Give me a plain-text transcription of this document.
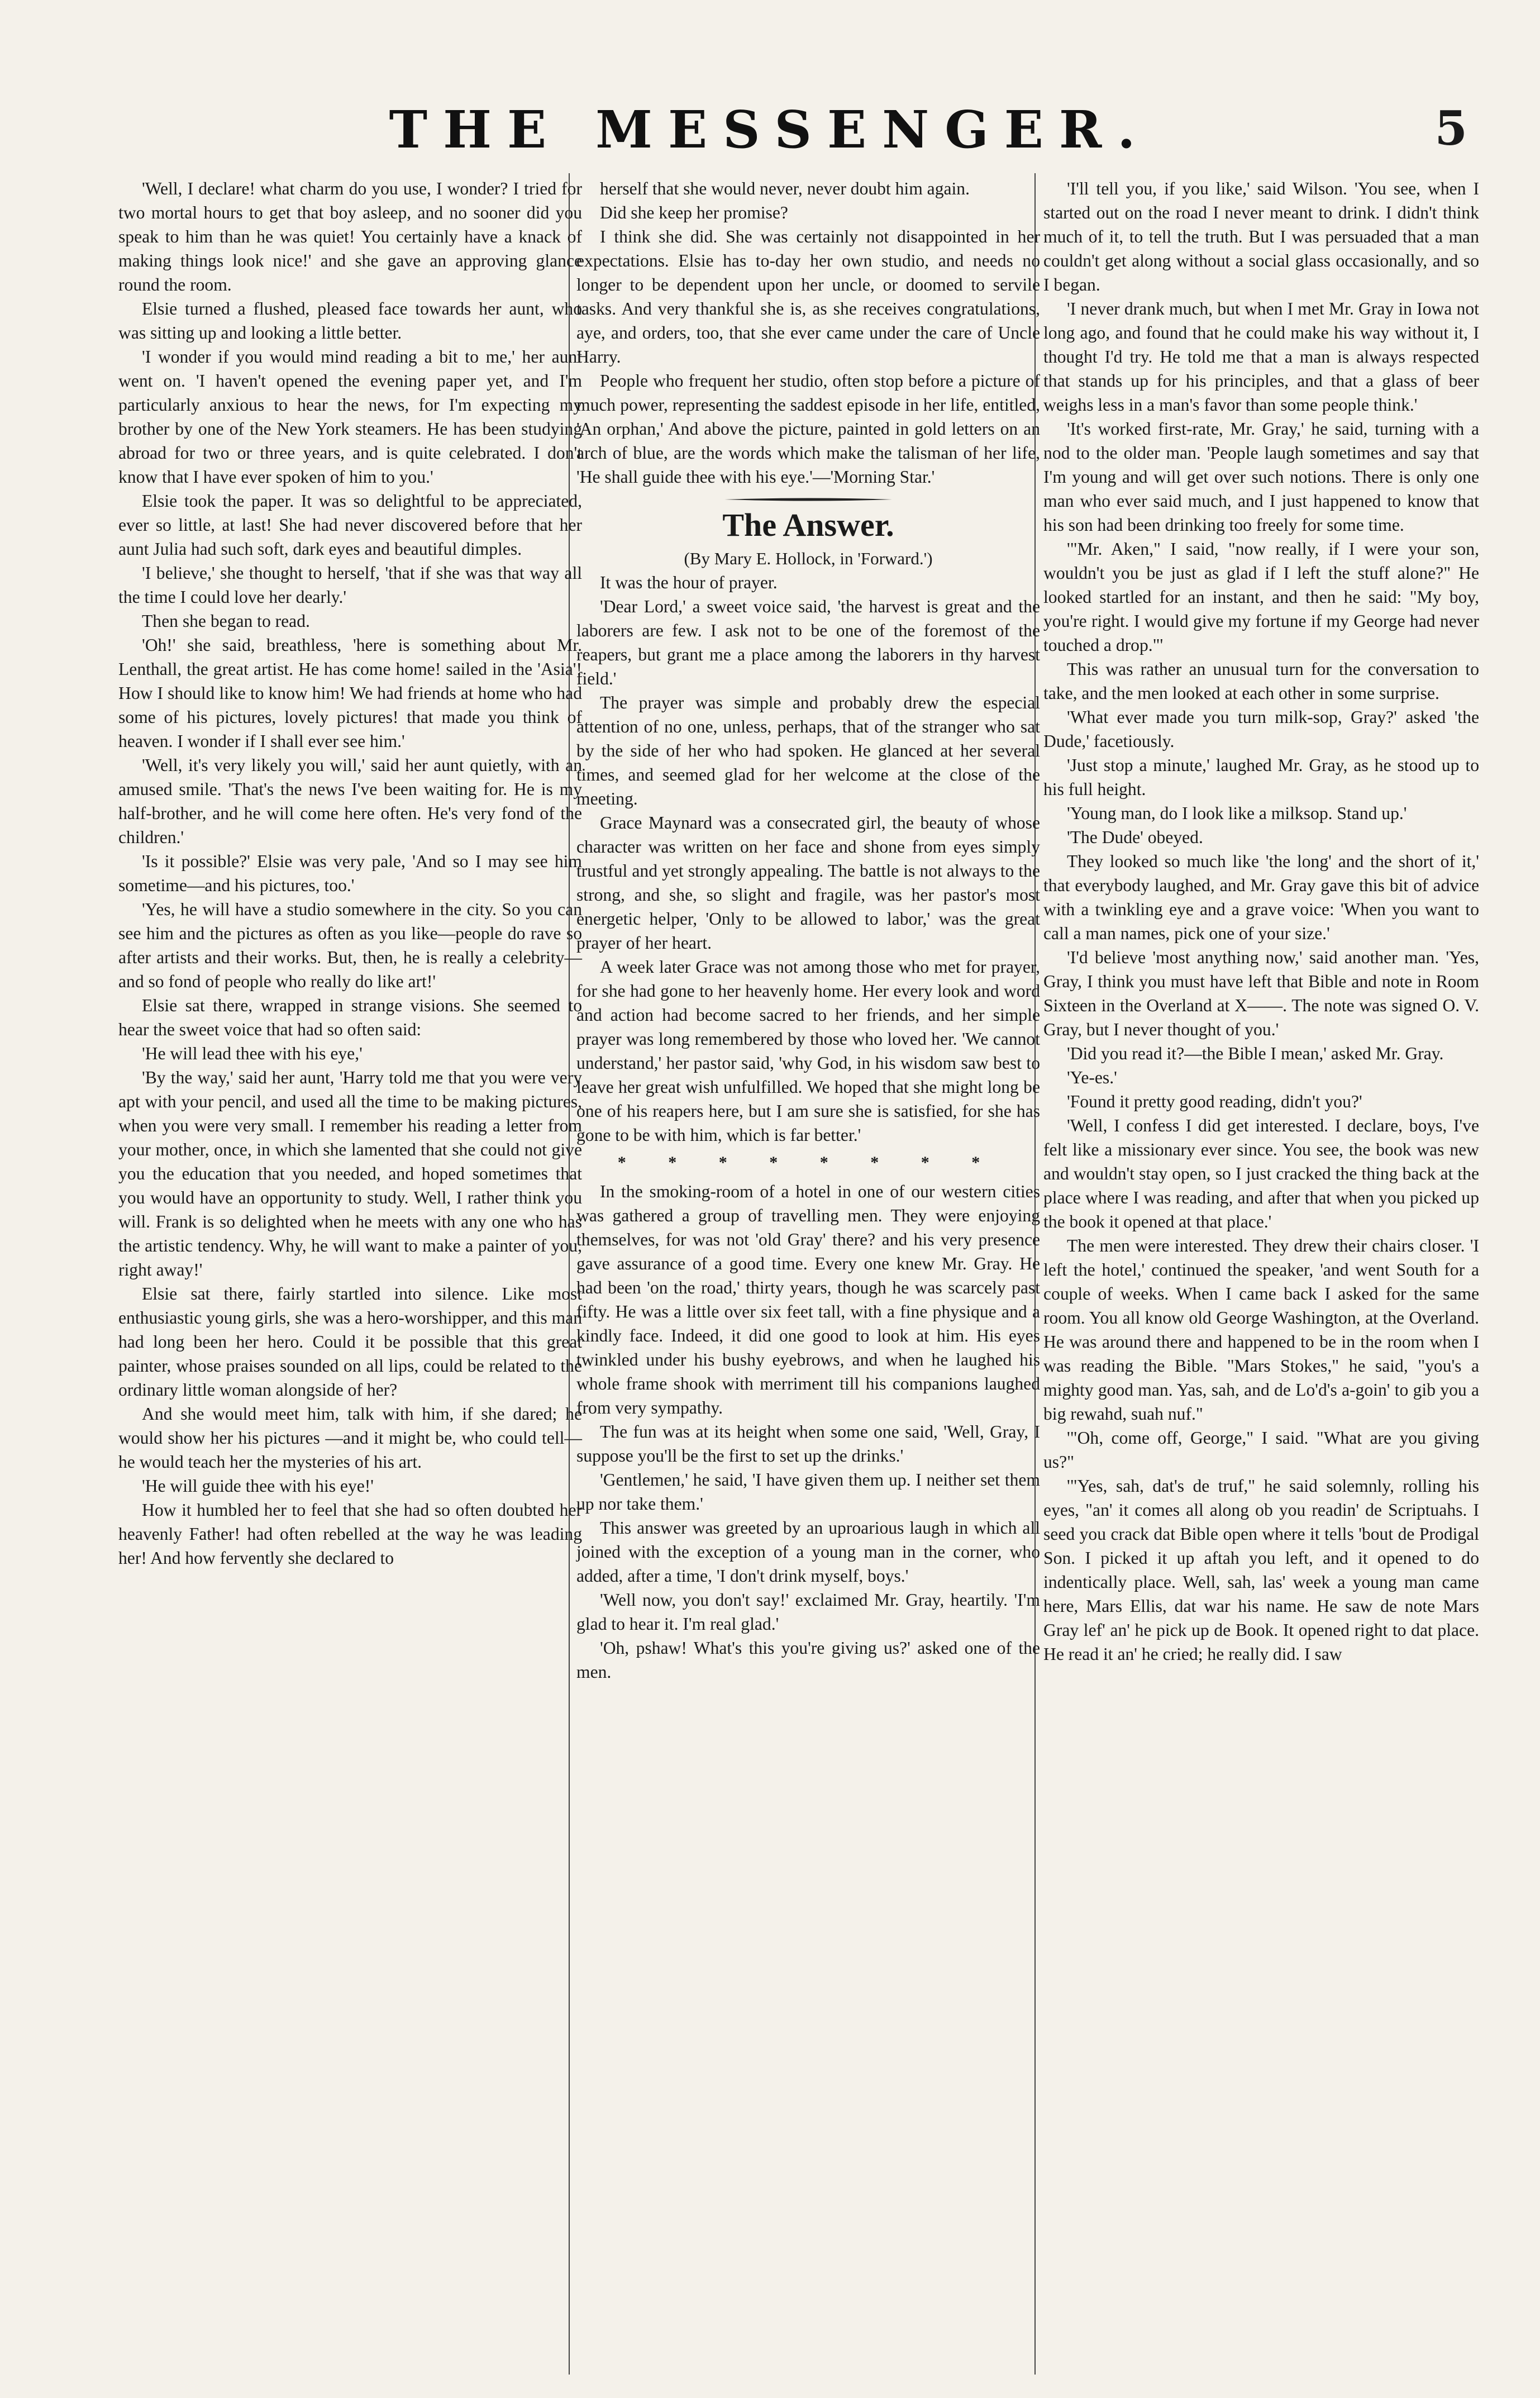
THE MESSENGER.	5

'Well, I declare! what charm do you use, I wonder? I tried for two mortal hours to get that boy asleep, and no sooner did you speak to him than he was quiet! You certainly have a knack of making things look nice!' and she gave an approving glance round the room.

Elsie turned a flushed, pleased face towards her aunt, who was sitting up and looking a little better.

'I wonder if you would mind reading a bit to me,' her aunt went on. 'I haven't opened the evening paper yet, and I'm particularly anxious to hear the news, for I'm expecting my brother by one of the New York steamers. He has been studying abroad for two or three years, and is quite celebrated. I don't know that I have ever spoken of him to you.'

Elsie took the paper. It was so delightful to be appreciated, ever so little, at last! She had never discovered before that her aunt Julia had such soft, dark eyes and beautiful dimples.

'I believe,' she thought to herself, 'that if she was that way all the time I could love her dearly.'

Then she began to read.

'Oh!' she said, breathless, 'here is something about Mr. Lenthall, the great artist. He has come home! sailed in the 'Asia'! How I should like to know him! We had friends at home who had some of his pictures, lovely pictures! that made you think of heaven. I wonder if I shall ever see him.'

'Well, it's very likely you will,' said her aunt quietly, with an amused smile. 'That's the news I've been waiting for. He is my half-brother, and he will come here often. He's very fond of the children.'

'Is it possible?' Elsie was very pale, 'And so I may see him sometime—and his pictures, too.'

'Yes, he will have a studio somewhere in the city. So you can see him and the pictures as often as you like—people do rave so after artists and their works. But, then, he is really a celebrity—and so fond of people who really do like art!'

Elsie sat there, wrapped in strange visions. She seemed to hear the sweet voice that had so often said:

'He will lead thee with his eye,'

'By the way,' said her aunt, 'Harry told me that you were very apt with your pencil, and used all the time to be making pictures, when you were very small. I remember his reading a letter from your mother, once, in which she lamented that she could not give you the education that you needed, and hoped sometimes that you would have an opportunity to study. Well, I rather think you will. Frank is so delighted when he meets with any one who has the artistic tendency. Why, he will want to make a painter of you, right away!'

Elsie sat there, fairly startled into silence. Like most enthusiastic young girls, she was a hero-worshipper, and this man had long been her hero. Could it be possible that this great painter, whose praises sounded on all lips, could be related to the ordinary little woman alongside of her?

And she would meet him, talk with him, if she dared; he would show her his pictures —and it might be, who could tell—he would teach her the mysteries of his art.

'He will guide thee with his eye!'

How it humbled her to feel that she had so often doubted her heavenly Father! had often rebelled at the way he was leading her! And how fervently she declared to

herself that she would never, never doubt him again.

Did she keep her promise?

I think she did. She was certainly not disappointed in her expectations. Elsie has to-day her own studio, and needs no longer to be dependent upon her uncle, or doomed to servile tasks. And very thankful she is, as she receives congratulations, aye, and orders, too, that she ever came under the care of Uncle Harry.

People who frequent her studio, often stop before a picture of much power, representing the saddest episode in her life, entitled, 'An orphan,' And above the picture, painted in gold letters on an arch of blue, are the words which make the talisman of her life, 'He shall guide thee with his eye.'—'Morning Star.'

The Answer.
(By Mary E. Hollock, in 'Forward.')

It was the hour of prayer.

'Dear Lord,' a sweet voice said, 'the harvest is great and the laborers are few. I ask not to be one of the foremost of the reapers, but grant me a place among the laborers in thy harvest field.'

The prayer was simple and probably drew the especial attention of no one, unless, perhaps, that of the stranger who sat by the side of her who had spoken. He glanced at her several times, and seemed glad for her welcome at the close of the meeting.

Grace Maynard was a consecrated girl, the beauty of whose character was written on her face and shone from eyes simply trustful and yet strongly appealing. The battle is not always to the strong, and she, so slight and fragile, was her pastor's most energetic helper, 'Only to be allowed to labor,' was the great prayer of her heart.

A week later Grace was not among those who met for prayer, for she had gone to her heavenly home. Her every look and word and action had become sacred to her friends, and her simple prayer was long remembered by those who loved her. 'We cannot understand,' her pastor said, 'why God, in his wisdom saw best to leave her great wish unfulfilled. We hoped that she might long be one of his reapers here, but I am sure she is satisfied, for she has gone to be with him, which is far better.'

* * * * * * * *

In the smoking-room of a hotel in one of our western cities was gathered a group of travelling men. They were enjoying themselves, for was not 'old Gray' there? and his very presence gave assurance of a good time. Every one knew Mr. Gray. He had been 'on the road,' thirty years, though he was scarcely past fifty. He was a little over six feet tall, with a fine physique and a kindly face. Indeed, it did one good to look at him. His eyes twinkled under his bushy eyebrows, and when he laughed his whole frame shook with merriment till his companions laughed from very sympathy.

The fun was at its height when some one said, 'Well, Gray, I suppose you'll be the first to set up the drinks.'

'Gentlemen,' he said, 'I have given them up. I neither set them up nor take them.'

This answer was greeted by an uproarious laugh in which all joined with the exception of a young man in the corner, who added, after a time, 'I don't drink myself, boys.'

'Well now, you don't say!' exclaimed Mr. Gray, heartily. 'I'm glad to hear it. I'm real glad.'

'Oh, pshaw! What's this you're giving us?' asked one of the men.

'I'll tell you, if you like,' said Wilson. 'You see, when I started out on the road I never meant to drink. I didn't think much of it, to tell the truth. But I was persuaded that a man couldn't get along without a social glass occasionally, and so I began.

'I never drank much, but when I met Mr. Gray in Iowa not long ago, and found that he could make his way without it, I thought I'd try. He told me that a man is always respected that stands up for his principles, and that a glass of beer weighs less in a man's favor than some people think.'

'It's worked first-rate, Mr. Gray,' he said, turning with a nod to the older man. 'People laugh sometimes and say that I'm young and will get over such notions. There is only one man who ever said much, and I just happened to know that his son had been drinking too freely for some time.

'"Mr. Aken," I said, "now really, if I were your son, wouldn't you be just as glad if I left the stuff alone?" He looked startled for an instant, and then he said: "My boy, you're right. I would give my fortune if my George had never touched a drop."'

This was rather an unusual turn for the conversation to take, and the men looked at each other in some surprise.

'What ever made you turn milk-sop, Gray?' asked 'the Dude,' facetiously.

'Just stop a minute,' laughed Mr. Gray, as he stood up to his full height.

'Young man, do I look like a milksop. Stand up.'

'The Dude' obeyed.

They looked so much like 'the long' and the short of it,' that everybody laughed, and Mr. Gray gave this bit of advice with a twinkling eye and a grave voice: 'When you want to call a man names, pick one of your size.'

'I'd believe 'most anything now,' said another man. 'Yes, Gray, I think you must have left that Bible and note in Room Sixteen in the Overland at X——. The note was signed O. V. Gray, but I never thought of you.'

'Did you read it?—the Bible I mean,' asked Mr. Gray.

'Ye-es.'

'Found it pretty good reading, didn't you?'

'Well, I confess I did get interested. I declare, boys, I've felt like a missionary ever since. You see, the book was new and wouldn't stay open, so I just cracked the thing back at the place where I was reading, and after that when you picked up the book it opened at that place.'

The men were interested. They drew their chairs closer. 'I left the hotel,' continued the speaker, 'and went South for a couple of weeks. When I came back I asked for the same room. You all know old George Washington, at the Overland. He was around there and happened to be in the room when I was reading the Bible. "Mars Stokes," he said, "you's a mighty good man. Yas, sah, and de Lo'd's a-goin' to gib you a big rewahd, suah nuf."

'"Oh, come off, George," I said. "What are you giving us?"

'"Yes, sah, dat's de truf," he said solemnly, rolling his eyes, "an' it comes all along ob you readin' de Scriptuahs. I seed you crack dat Bible open where it tells 'bout de Prodigal Son. I picked it up aftah you left, and it opened to do indentically place. Well, sah, las' week a young man came here, Mars Ellis, dat war his name. He saw de note Mars Gray lef' an' he pick up de Book. It opened right to dat place. He read it an' he cried; he really did. I saw
